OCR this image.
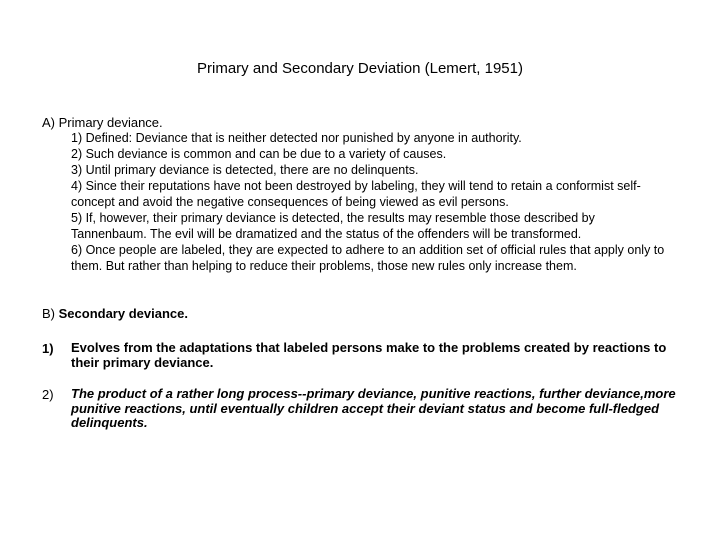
Primary and Secondary Deviation (Lemert, 1951)
A) Primary deviance.

1) Defined: Deviance that is neither detected nor punished by anyone in authority.

2) Such deviance is common and can be due to a variety of causes.

3) Until primary deviance is detected, there are no delinquents.

4) Since their reputations have not been destroyed by labeling, they will tend to retain a conformist self-concept and avoid the negative consequences of being viewed as evil persons.

5) If, however, their primary deviance is detected, the results may resemble those described by Tannenbaum. The evil will be dramatized and the status of the offenders will be transformed.

6) Once people are labeled, they are expected to adhere to an addition set of official rules that apply only to them. But rather than helping to reduce their problems, those new rules only increase them.

B) Secondary deviance.
1) Evolves from the adaptations that labeled persons make to the problems created by reactions to their primary deviance.
2) The product of a rather long process--primary deviance, punitive reactions, further deviance,more punitive reactions, until eventually children accept their deviant status and become full-fledged delinquents.
